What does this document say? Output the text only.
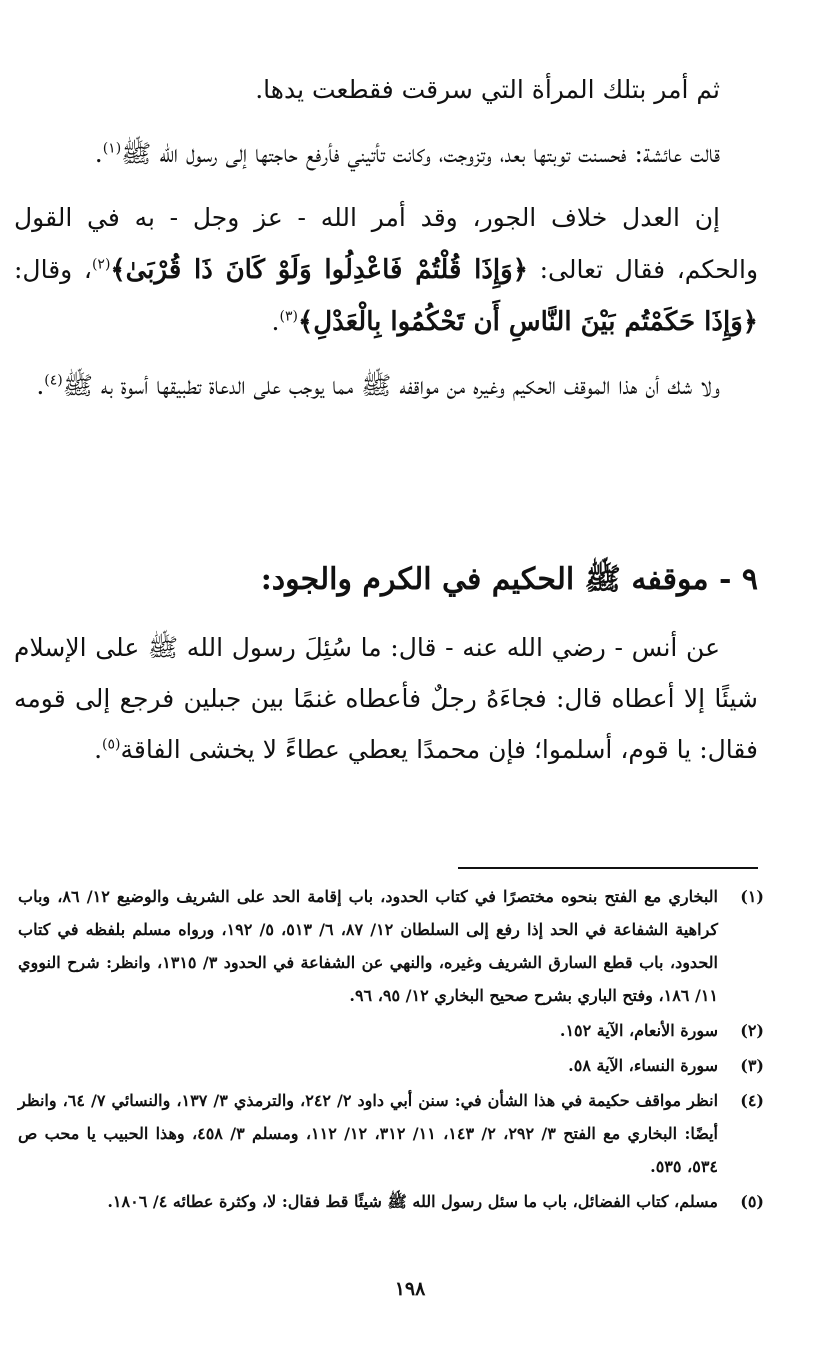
ثم أمر بتلك المرأة التي سرقت فقطعت يدها.

قالت عائشة: فحسنت توبتها بعد، وتزوجت، وكانت تأتيني فأرفع حاجتها إلى رسول الله ﷺ$^{(١)}$.

إن العدل خلاف الجور، وقد أمر الله - عز وجل - به في القول والحكم، فقال تعالى: ﴿وَإِذَا قُلْتُمْ فَاعْدِلُوا وَلَوْ كَانَ ذَا قُرْبَىٰ﴾$^{(٢)}$، وقال: ﴿وَإِذَا حَكَمْتُم بَيْنَ النَّاسِ أَن تَحْكُمُوا بِالْعَدْلِ﴾$^{(٣)}$.

ولا شك أن هذا الموقف الحكيم وغيره من مواقفه ﷺ مما يوجب على الدعاة تطبيقها أسوة به ﷺ$^{(٤)}$.

٩ - موقفه ﷺ الحكيم في الكرم والجود:

عن أنس - رضي الله عنه - قال: ما سُئِلَ رسول الله ﷺ على الإسلام شيئًا إلا أعطاه قال: فجاءَهُ رجلٌ فأعطاه غنمًا بين جبلين فرجع إلى قومه فقال: يا قوم، أسلموا؛ فإن محمدًا يعطي عطاءً لا يخشى الفاقة$^{(٥)}$.

(١)
البخاري مع الفتح بنحوه مختصرًا في كتاب الحدود، باب إقامة الحد على الشريف والوضيع ١٢/ ٨٦، وباب كراهية الشفاعة في الحد إذا رفع إلى السلطان ١٢/ ٨٧، ٦/ ٥١٣، ٥/ ١٩٢، ورواه مسلم بلفظه في كتاب الحدود، باب قطع السارق الشريف وغيره، والنهي عن الشفاعة في الحدود ٣/ ١٣١٥، وانظر: شرح النووي ١١/ ١٨٦، وفتح الباري بشرح صحيح البخاري ١٢/ ٩٥، ٩٦.
(٢)
سورة الأنعام، الآية ١٥٢.
(٣)
سورة النساء، الآية ٥٨.
(٤)
انظر مواقف حكيمة في هذا الشأن في: سنن أبي داود ٢/ ٢٤٢، والترمذي ٣/ ١٣٧، والنسائي ٧/ ٦٤، وانظر أيضًا: البخاري مع الفتح ٣/ ٢٩٢، ٢/ ١٤٣، ١١/ ٣١٢، ١٢/ ١١٢، ومسلم ٣/ ٤٥٨، وهذا الحبيب يا محب ص ٥٣٤، ٥٣٥.
(٥)
مسلم، كتاب الفضائل، باب ما سئل رسول الله ﷺ شيئًا قط فقال: لا، وكثرة عطائه ٤/ ١٨٠٦.
١٩٨
